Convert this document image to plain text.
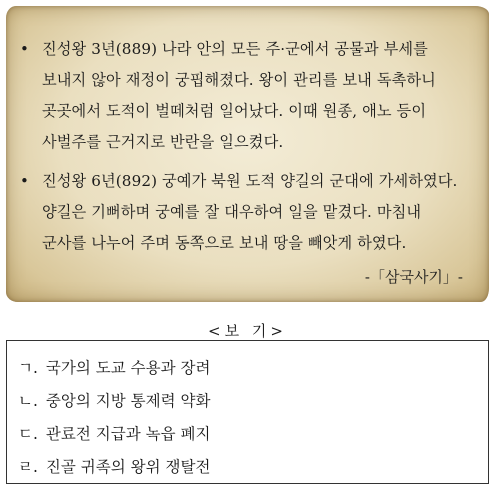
• 진성왕 3년(889) 나라 안의 모든 주·군에서 공물과 부세를
보내지 않아 재정이 궁핍해졌다. 왕이 관리를 보내 독촉하니
곳곳에서 도적이 벌떼처럼 일어났다. 이때 원종, 애노 등이
사벌주를 근거지로 반란을 일으켰다.
• 진성왕 6년(892) 궁예가 북원 도적 양길의 군대에 가세하였다.
양길은 기뻐하며 궁예를 잘 대우하여 일을 맡겼다. 마침내
군사를 나누어 주며 동쪽으로 보내 땅을 빼앗게 하였다.
-「삼국사기」-
<보 기>
ㄱ. 국가의 도교 수용과 장려
ㄴ. 중앙의 지방 통제력 약화
ㄷ. 관료전 지급과 녹읍 폐지
ㄹ. 진골 귀족의 왕위 쟁탈전
